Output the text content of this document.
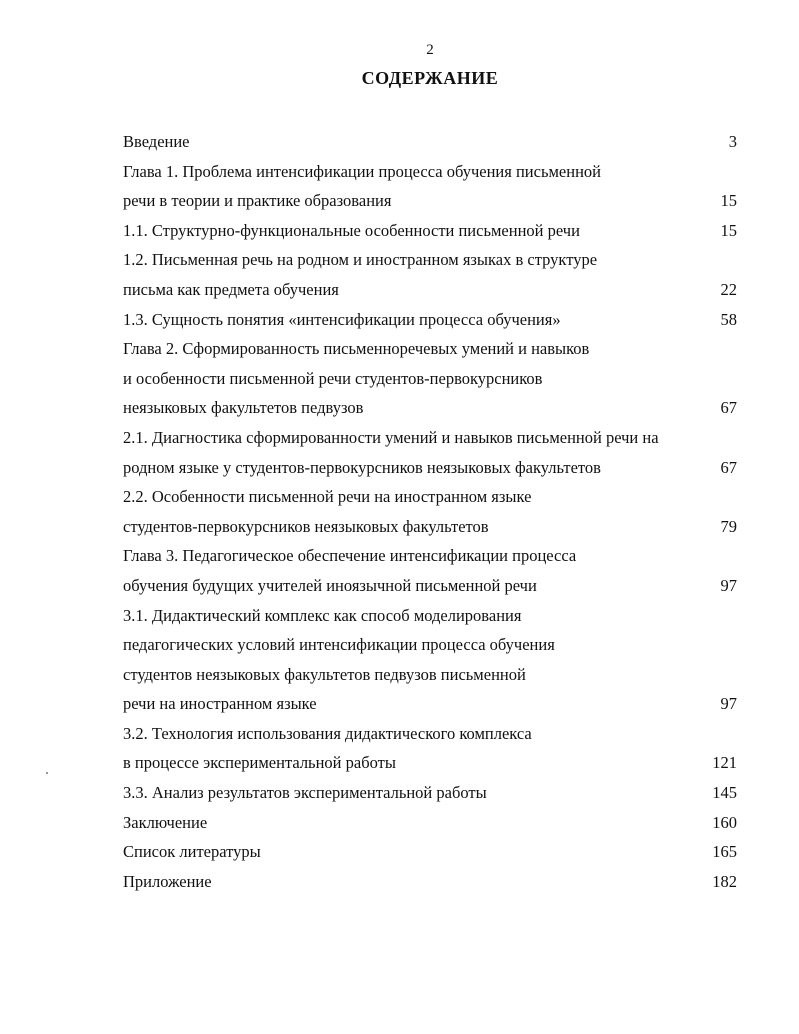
2
СОДЕРЖАНИЕ
Введение	3
Глава 1. Проблема интенсификации процесса обучения письменной
речи в теории и практике образования	15
1.1. Структурно-функциональные особенности письменной речи	15
1.2. Письменная речь на родном и иностранном языках в структуре
письма как предмета обучения	22
1.3. Сущность понятия «интенсификации процесса обучения»	58
Глава 2. Сформированность письменноречевых умений и навыков
и особенности письменной речи студентов-первокурсников
неязыковых факультетов педвузов	67
2.1. Диагностика сформированности умений и навыков письменной речи на
родном языке у студентов-первокурсников неязыковых факультетов	67
2.2. Особенности письменной речи на иностранном языке
студентов-первокурсников неязыковых факультетов	79
Глава 3. Педагогическое обеспечение интенсификации процесса
обучения будущих учителей иноязычной письменной речи	97
3.1. Дидактический комплекс как способ моделирования
педагогических условий интенсификации процесса обучения
студентов неязыковых факультетов педвузов письменной
речи на иностранном языке	97
3.2. Технология использования дидактического комплекса
в процессе экспериментальной работы	121
3.3. Анализ результатов экспериментальной работы	145
Заключение	160
Список литературы	165
Приложение	182
